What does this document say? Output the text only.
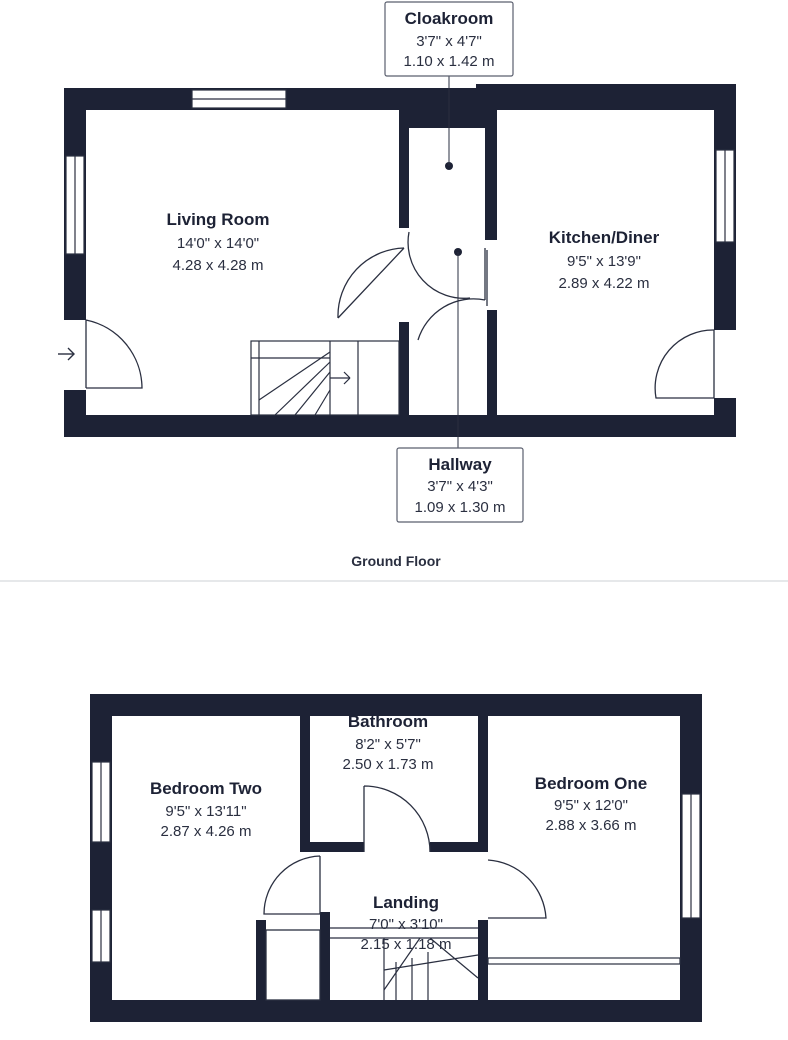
Cloakroom
3'7" x 4'7"
1.10 x 1.42 m
Hallway
3'7" x 4'3"
1.09 x 1.30 m
Living Room
14'0" x 14'0"
4.28 x 4.28 m
Kitchen/Diner
9'5" x 13'9"
2.89 x 4.22 m
Ground Floor
Bedroom Two
9'5" x 13'11"
2.87 x 4.26 m
Bathroom
8'2" x 5'7"
2.50 x 1.73 m
Bedroom One
9'5" x 12'0"
2.88 x 3.66 m
Landing
7'0" x 3'10"
2.15 x 1.18 m
